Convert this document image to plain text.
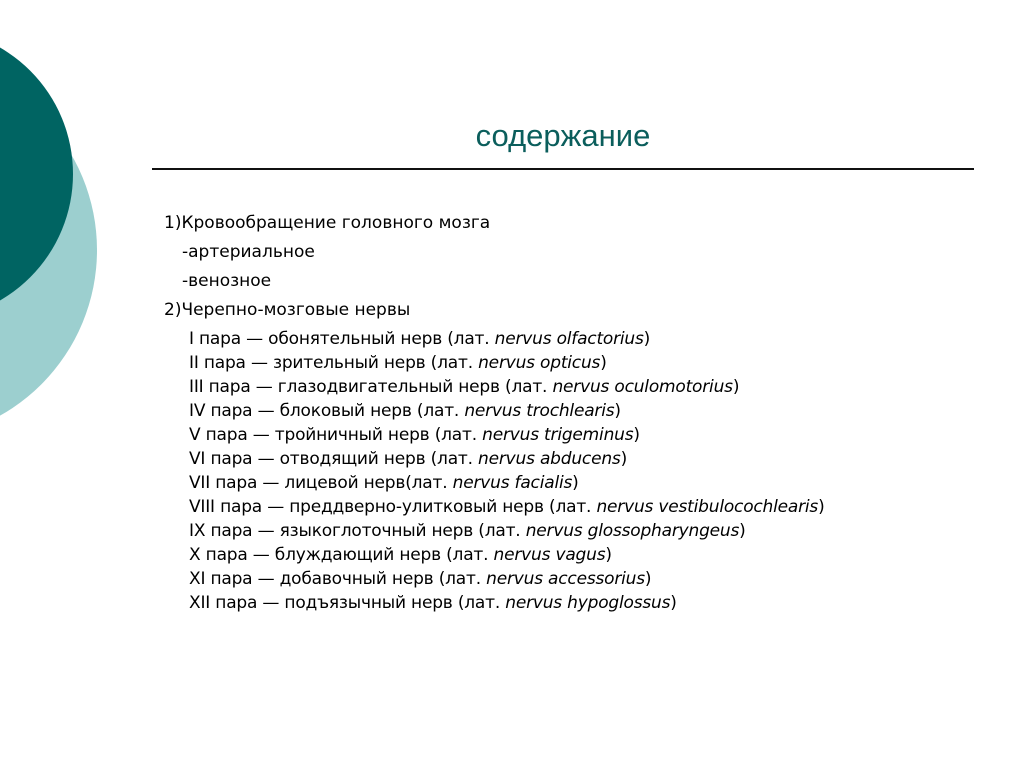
содержание
1)Кровообращение головного мозга
-артериальное
-венозное
2)Черепно-мозговые нервы
I пара — обонятельный нерв (лат. nervus olfactorius)
II пара — зрительный нерв (лат. nervus opticus)
III пара — глазодвигательный нерв (лат. nervus oculomotorius)
IV пара — блоковый нерв (лат. nervus trochlearis)
V пара — тройничный нерв (лат. nervus trigeminus)
VI пара — отводящий нерв (лат. nervus abducens)
VII пара — лицевой нерв(лат. nervus facialis)
VIII пара — преддверно-улитковый нерв (лат. nervus vestibulocochlearis)
IX пара — языкоглоточный нерв (лат. nervus glossopharyngeus)
X пара — блуждающий нерв (лат. nervus vagus)
XI пара — добавочный нерв (лат. nervus accessorius)
XII пара — подъязычный нерв (лат. nervus hypoglossus)
